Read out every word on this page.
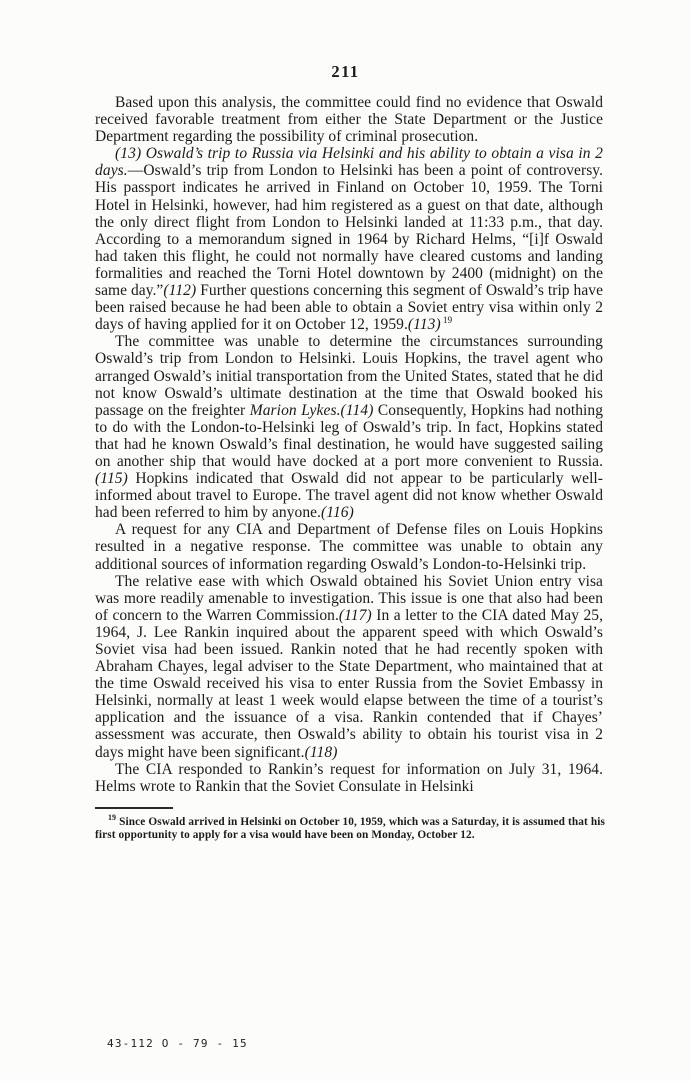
211

Based upon this analysis, the committee could find no evidence that Oswald received favorable treatment from either the State Department or the Justice Department regarding the possibility of criminal prosecution.

(13) Oswald’s trip to Russia via Helsinki and his ability to obtain a visa in 2 days.—Oswald’s trip from London to Helsinki has been a point of controversy. His passport indicates he arrived in Finland on October 10, 1959. The Torni Hotel in Helsinki, however, had him registered as a guest on that date, although the only direct flight from London to Helsinki landed at 11:33 p.m., that day. According to a memorandum signed in 1964 by Richard Helms, “[i]f Oswald had taken this flight, he could not normally have cleared customs and landing formalities and reached the Torni Hotel downtown by 2400 (midnight) on the same day.”(112) Further questions concerning this segment of Oswald’s trip have been raised because he had been able to obtain a Soviet entry visa within only 2 days of having applied for it on October 12, 1959.(113) $^{19}$

The committee was unable to determine the circumstances surrounding Oswald’s trip from London to Helsinki. Louis Hopkins, the travel agent who arranged Oswald’s initial transportation from the United States, stated that he did not know Oswald’s ultimate destination at the time that Oswald booked his passage on the freighter Marion Lykes.(114) Consequently, Hopkins had nothing to do with the London-to-Helsinki leg of Oswald’s trip. In fact, Hopkins stated that had he known Oswald’s final destination, he would have suggested sailing on another ship that would have docked at a port more convenient to Russia.(115) Hopkins indicated that Oswald did not appear to be particularly well-informed about travel to Europe. The travel agent did not know whether Oswald had been referred to him by anyone.(116)

A request for any CIA and Department of Defense files on Louis Hopkins resulted in a negative response. The committee was unable to obtain any additional sources of information regarding Oswald’s London-to-Helsinki trip.

The relative ease with which Oswald obtained his Soviet Union entry visa was more readily amenable to investigation. This issue is one that also had been of concern to the Warren Commission.(117) In a letter to the CIA dated May 25, 1964, J. Lee Rankin inquired about the apparent speed with which Oswald’s Soviet visa had been issued. Rankin noted that he had recently spoken with Abraham Chayes, legal adviser to the State Department, who maintained that at the time Oswald received his visa to enter Russia from the Soviet Embassy in Helsinki, normally at least 1 week would elapse between the time of a tourist’s application and the issuance of a visa. Rankin contended that if Chayes’ assessment was accurate, then Oswald’s ability to obtain his tourist visa in 2 days might have been significant.(118)

The CIA responded to Rankin’s request for information on July 31, 1964. Helms wrote to Rankin that the Soviet Consulate in Helsinki

$^{19}$ Since Oswald arrived in Helsinki on October 10, 1959, which was a Saturday, it is assumed that his first opportunity to apply for a visa would have been on Monday, October 12.
43-112 O - 79 - 15
